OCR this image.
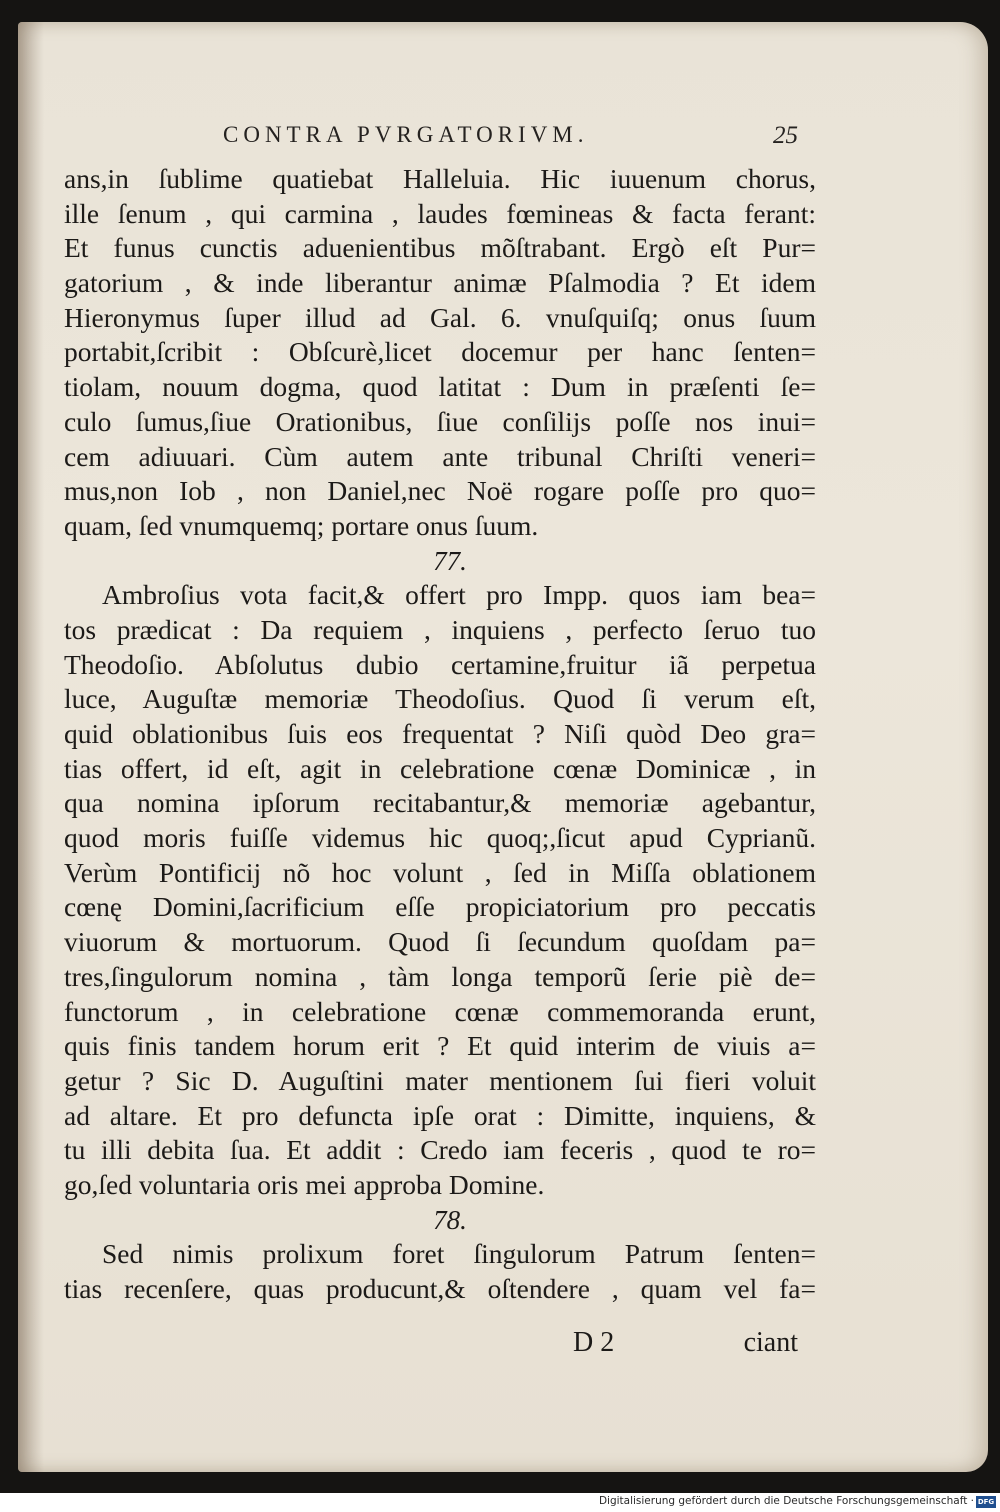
CONTRA PVRGATORIVM.	25
ans,in ſublime quatiebat Halleluia. Hic iuuenum chorus,
ille ſenum , qui carmina , laudes fœmineas & facta ferant:
Et funus cunctis aduenientibus mõſtrabant. Ergò eſt Pur=
gatorium , & inde liberantur animæ Pſalmodia ? Et idem
Hieronymus ſuper illud ad Gal. 6. vnuſquiſq; onus ſuum
portabit,ſcribit : Obſcurè,licet docemur per hanc ſenten=
tiolam, nouum dogma, quod latitat : Dum in præſenti ſe=
culo ſumus,ſiue Orationibus, ſiue conſilijs poſſe nos inui=
cem adiuuari. Cùm autem ante tribunal Chriſti veneri=
mus,non Iob , non Daniel,nec Noë rogare poſſe pro quo=
quam, ſed vnumquemq; portare onus ſuum.
77.
Ambroſius vota facit,& offert pro Impp. quos iam bea=
tos prædicat : Da requiem , inquiens , perfecto ſeruo tuo
Theodoſio. Abſolutus dubio certamine,fruitur iã perpetua
luce, Auguſtæ memoriæ Theodoſius. Quod ſi verum eſt,
quid oblationibus ſuis eos frequentat ? Niſi quòd Deo gra=
tias offert, id eſt, agit in celebratione cœnæ Dominicæ , in
qua nomina ipſorum recitabantur,& memoriæ agebantur,
quod moris fuiſſe videmus hic quoq;,ſicut apud Cyprianũ.
Verùm Pontificij nõ hoc volunt , ſed in Miſſa oblationem
cœnę Domini,ſacrificium eſſe propiciatorium pro peccatis
viuorum & mortuorum. Quod ſi ſecundum quoſdam pa=
tres,ſingulorum nomina , tàm longa temporũ ſerie piè de=
functorum , in celebratione cœnæ commemoranda erunt,
quis finis tandem horum erit ? Et quid interim de viuis a=
getur ? Sic D. Auguſtini mater mentionem ſui fieri voluit
ad altare. Et pro defuncta ipſe orat : Dimitte, inquiens, &
tu illi debita ſua. Et addit : Credo iam feceris , quod te ro=
go,ſed voluntaria oris mei approba Domine.
78.
Sed nimis prolixum foret ſingulorum Patrum ſenten=
tias recenſere, quas producunt,& oſtendere , quam vel fa=
D 2	ciant
Digitalisierung gefördert durch die Deutsche Forschungsgemeinschaft · DFG
